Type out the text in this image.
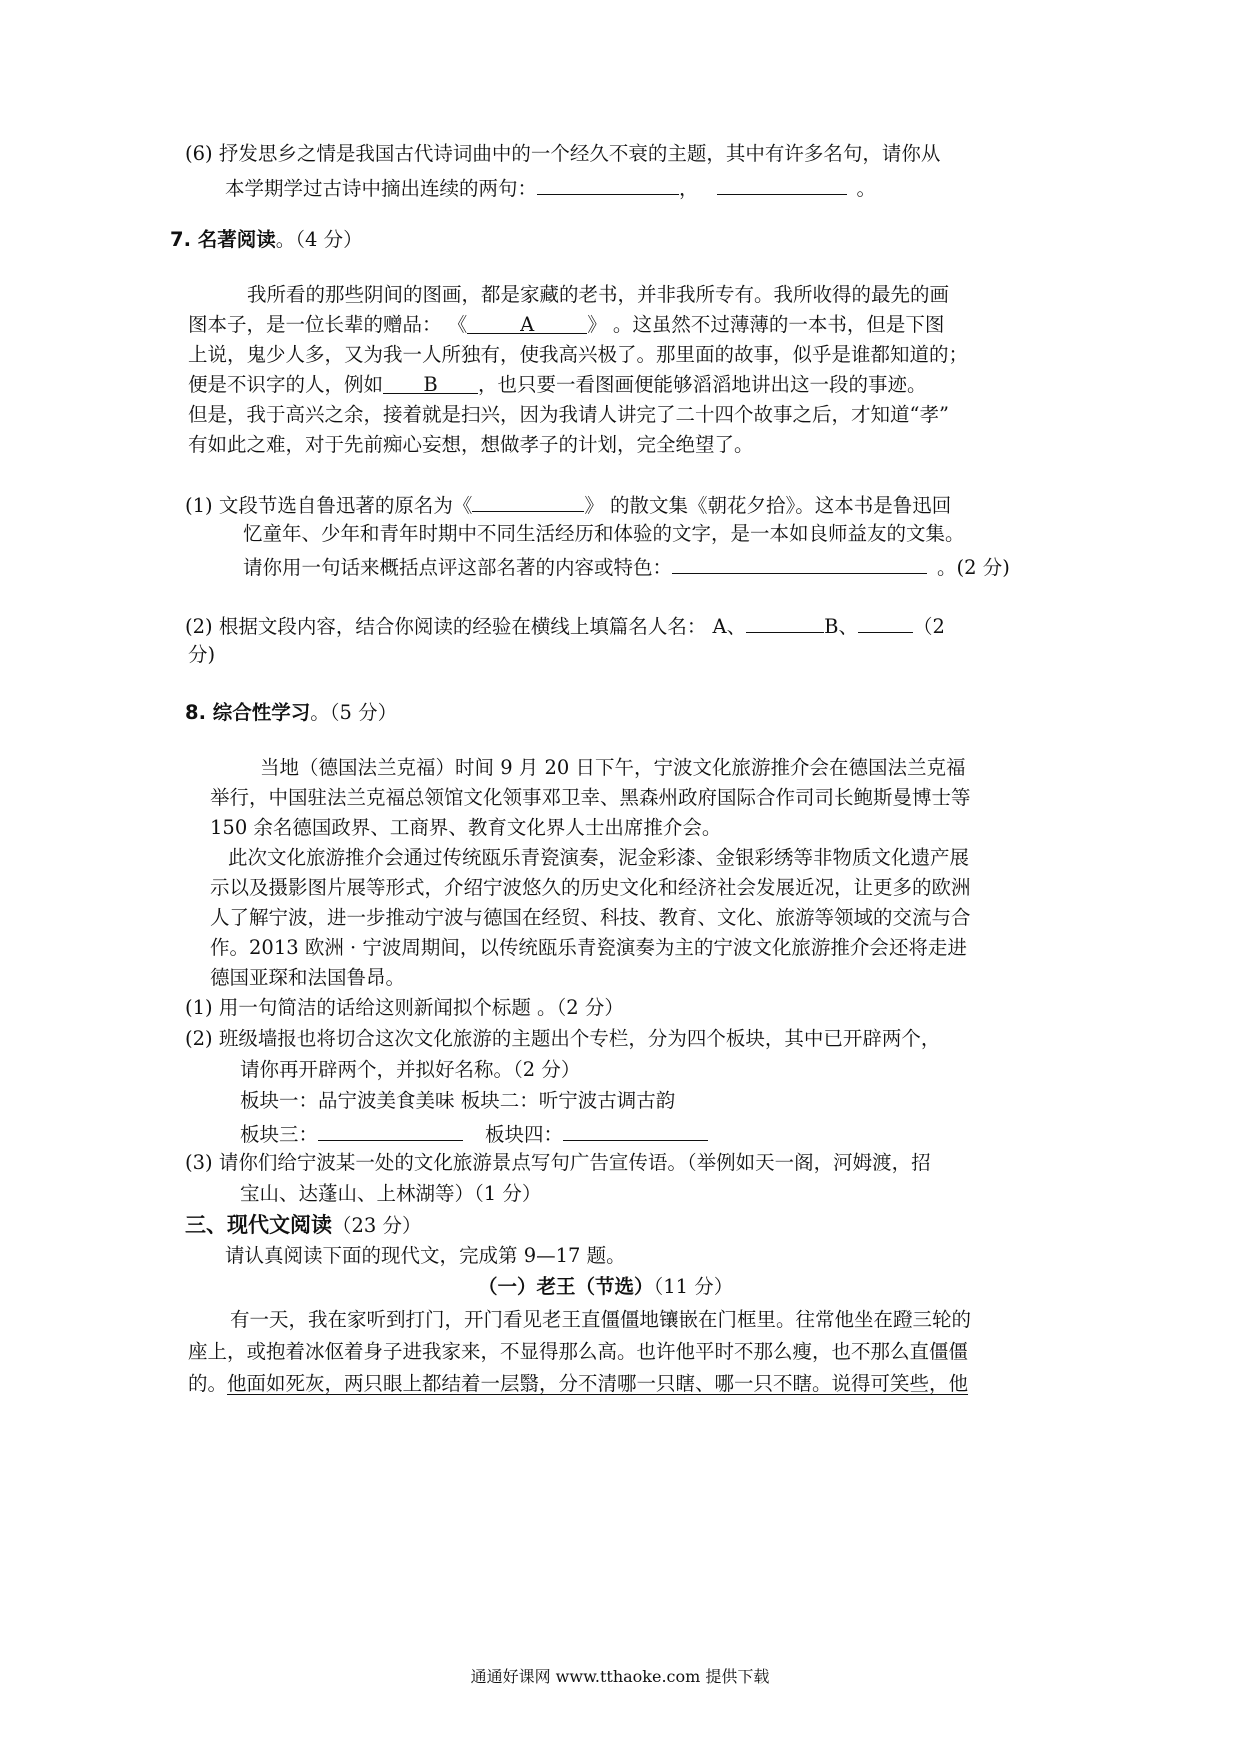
(6) 抒发思乡之情是我国古代诗词曲中的一个经久不衰的主题，其中有许多名句，请你从
本学期学过古诗中摘出连续的两句：	，	。
7. 名著阅读。（4 分）
我所看的那些阴间的图画，都是家藏的老书，并非我所专有。我所收得的最先的画
图本子，是一位长辈的赠品： 《	A	》 。这虽然不过薄薄的一本书，但是下图
上说，鬼少人多，又为我一人所独有，使我高兴极了。那里面的故事，似乎是谁都知道的；
便是不识字的人，例如 B ，也只要一看图画便能够滔滔地讲出这一段的事迹。
但是，我于高兴之余，接着就是扫兴，因为我请人讲完了二十四个故事之后，才知道“孝”
有如此之难，对于先前痴心妄想，想做孝子的计划，完全绝望了。
(1) 文段节选自鲁迅著的原名为《	》 的散文集《朝花夕拾》。这本书是鲁迅回
忆童年、少年和青年时期中不同生活经历和体验的文字，是一本如良师益友的文集。
请你用一句话来概括点评这部名著的内容或特色：	。(2 分)
(2) 根据文段内容，结合你阅读的经验在横线上填篇名人名： A、	B、	（2
分)
8. 综合性学习。（5 分）
当地（德国法兰克福）时间 9 月 20 日下午，宁波文化旅游推介会在德国法兰克福
举行，中国驻法兰克福总领馆文化领事邓卫幸、黑森州政府国际合作司司长鲍斯曼博士等
150 余名德国政界、工商界、教育文化界人士出席推介会。
此次文化旅游推介会通过传统瓯乐青瓷演奏，泥金彩漆、金银彩绣等非物质文化遗产展
示以及摄影图片展等形式，介绍宁波悠久的历史文化和经济社会发展近况，让更多的欧洲
人了解宁波，进一步推动宁波与德国在经贸、科技、教育、文化、旅游等领域的交流与合
作。2013 欧洲 · 宁波周期间，以传统瓯乐青瓷演奏为主的宁波文化旅游推介会还将走进
德国亚琛和法国鲁昂。
(1) 用一句简洁的话给这则新闻拟个标题 。（2 分）
(2) 班级墙报也将切合这次文化旅游的主题出个专栏，分为四个板块，其中已开辟两个，
请你再开辟两个，并拟好名称。（2 分）
板块一：品宁波美食美味 板块二：听宁波古调古韵
板块三：	板块四：
(3) 请你们给宁波某一处的文化旅游景点写句广告宣传语。（举例如天一阁，河姆渡，招
宝山、达蓬山、上林湖等）（1 分）
三、现代文阅读（23 分）
请认真阅读下面的现代文，完成第 9—17 题。
（一）老王（节选）（11 分）
有一天，我在家听到打门，开门看见老王直僵僵地镶嵌在门框里。往常他坐在蹬三轮的
座上，或抱着冰伛着身子进我家来，不显得那么高。也许他平时不那么瘦，也不那么直僵僵
的。他面如死灰，两只眼上都结着一层翳，分不清哪一只瞎、哪一只不瞎。说得可笑些，他
通通好课网 www.tthaoke.com 提供下载
